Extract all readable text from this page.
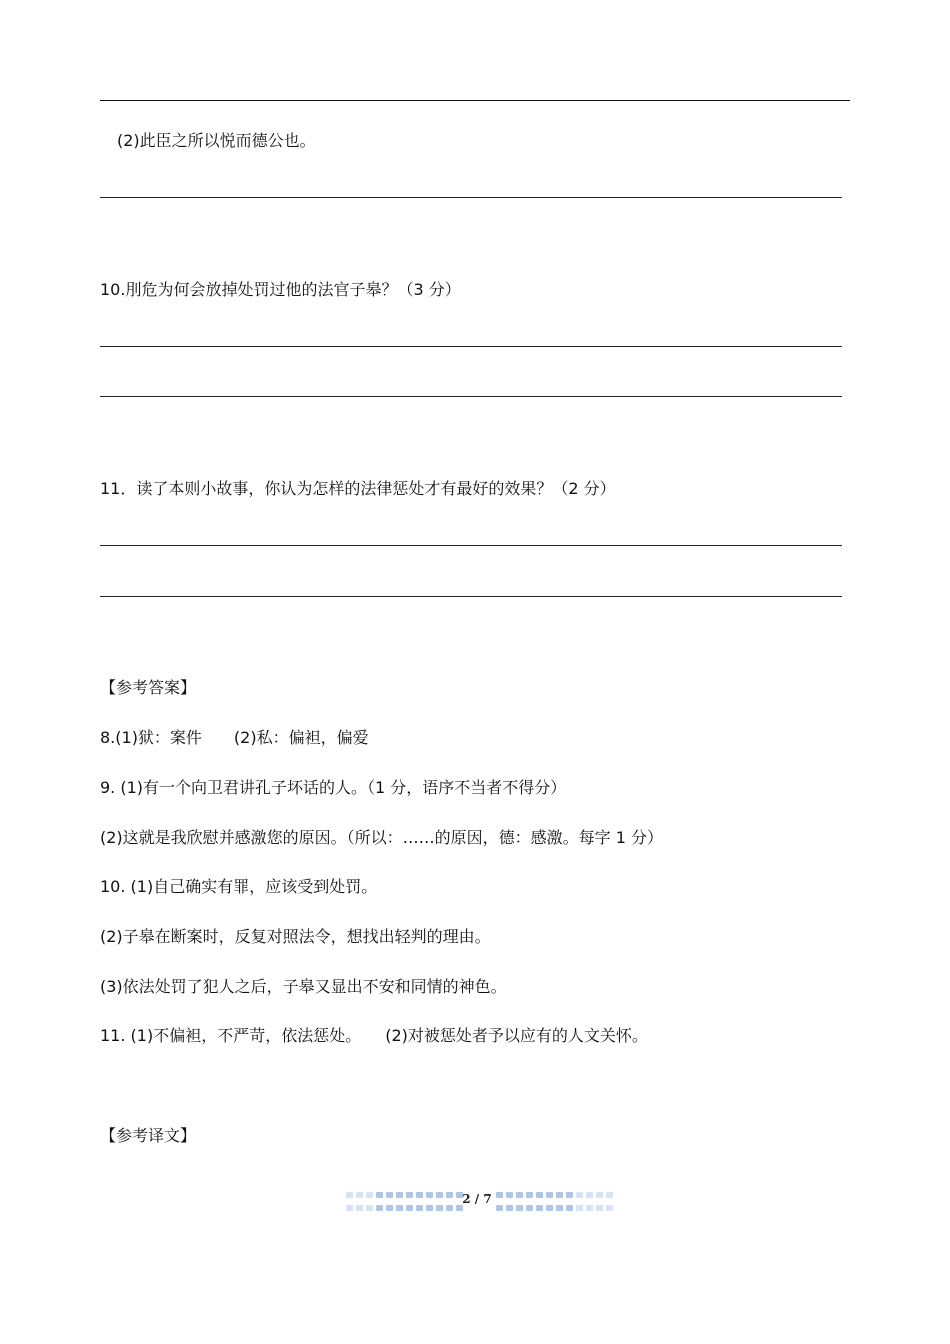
(2)此臣之所以悦而德公也。
10.刖危为何会放掉处罚过他的法官子皋？（3 分）
11．读了本则小故事，你认为怎样的法律惩处才有最好的效果？（2 分）
【参考答案】
8.(1)狱：案件　　(2)私：偏袒，偏爱
9. (1)有一个向卫君讲孔子坏话的人。（1 分，语序不当者不得分）
(2)这就是我欣慰并感激您的原因。（所以：……的原因，德：感激。每字 1 分）
10. (1)自己确实有罪，应该受到处罚。
(2)子皋在断案时，反复对照法令，想找出轻判的理由。
(3)依法处罚了犯人之后，子皋又显出不安和同情的神色。
11. (1)不偏袒，不严苛，依法惩处。　　(2)对被惩处者予以应有的人文关怀。
【参考译文】
2 / 7
